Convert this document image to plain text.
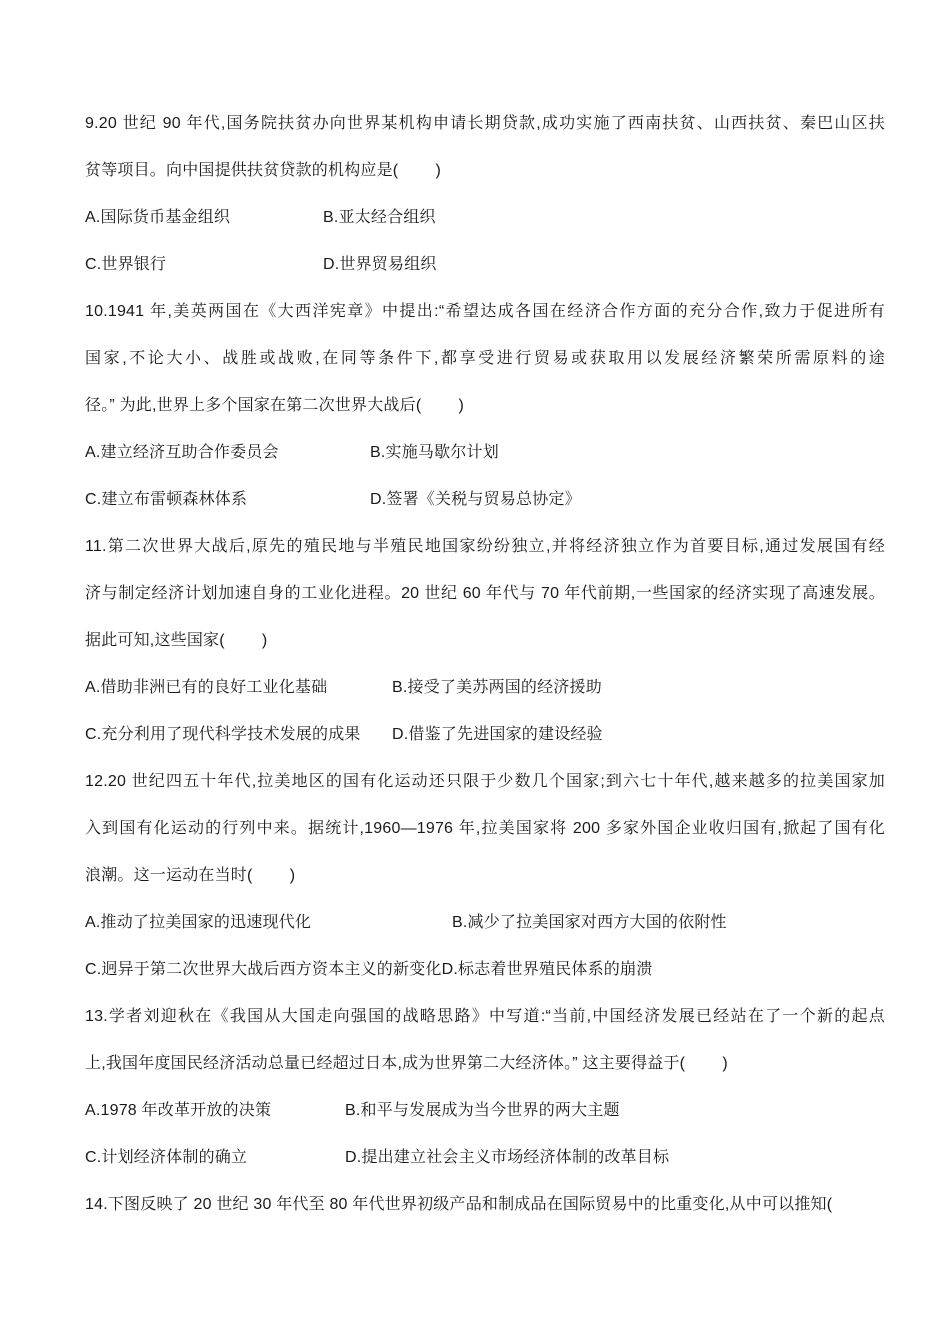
9.20 世纪 90 年代,国务院扶贫办向世界某机构申请长期贷款,成功实施了西南扶贫、山西扶贫、秦巴山区扶
贫等项目。向中国提供扶贫贷款的机构应是(        )
A.国际货币基金组织	B.亚太经合组织
C.世界银行	D.世界贸易组织
10.1941 年,美英两国在《大西洋宪章》中提出:“希望达成各国在经济合作方面的充分合作,致力于促进所有
国家,不论大小、战胜或战败,在同等条件下,都享受进行贸易或获取用以发展经济繁荣所需原料的途
径。” 为此,世界上多个国家在第二次世界大战后(        )
A.建立经济互助合作委员会	B.实施马歇尔计划
C.建立布雷顿森林体系	D.签署《关税与贸易总协定》
11.第二次世界大战后,原先的殖民地与半殖民地国家纷纷独立,并将经济独立作为首要目标,通过发展国有经
济与制定经济计划加速自身的工业化进程。20 世纪 60 年代与 70 年代前期,一些国家的经济实现了高速发展。
据此可知,这些国家(        )
A.借助非洲已有的良好工业化基础	B.接受了美苏两国的经济援助
C.充分利用了现代科学技术发展的成果	D.借鉴了先进国家的建设经验
12.20 世纪四五十年代,拉美地区的国有化运动还只限于少数几个国家;到六七十年代,越来越多的拉美国家加
入到国有化运动的行列中来。据统计,1960—1976 年,拉美国家将 200 多家外国企业收归国有,掀起了国有化
浪潮。这一运动在当时(        )
A.推动了拉美国家的迅速现代化	B.减少了拉美国家对西方大国的依附性
C.迥异于第二次世界大战后西方资本主义的新变化 D.标志着世界殖民体系的崩溃
13.学者刘迎秋在《我国从大国走向强国的战略思路》中写道:“当前,中国经济发展已经站在了一个新的起点
上,我国年度国民经济活动总量已经超过日本,成为世界第二大经济体。” 这主要得益于(        )
A.1978 年改革开放的决策	B.和平与发展成为当今世界的两大主题
C.计划经济体制的确立	D.提出建立社会主义市场经济体制的改革目标
14.下图反映了 20 世纪 30 年代至 80 年代世界初级产品和制成品在国际贸易中的比重变化,从中可以推知(
